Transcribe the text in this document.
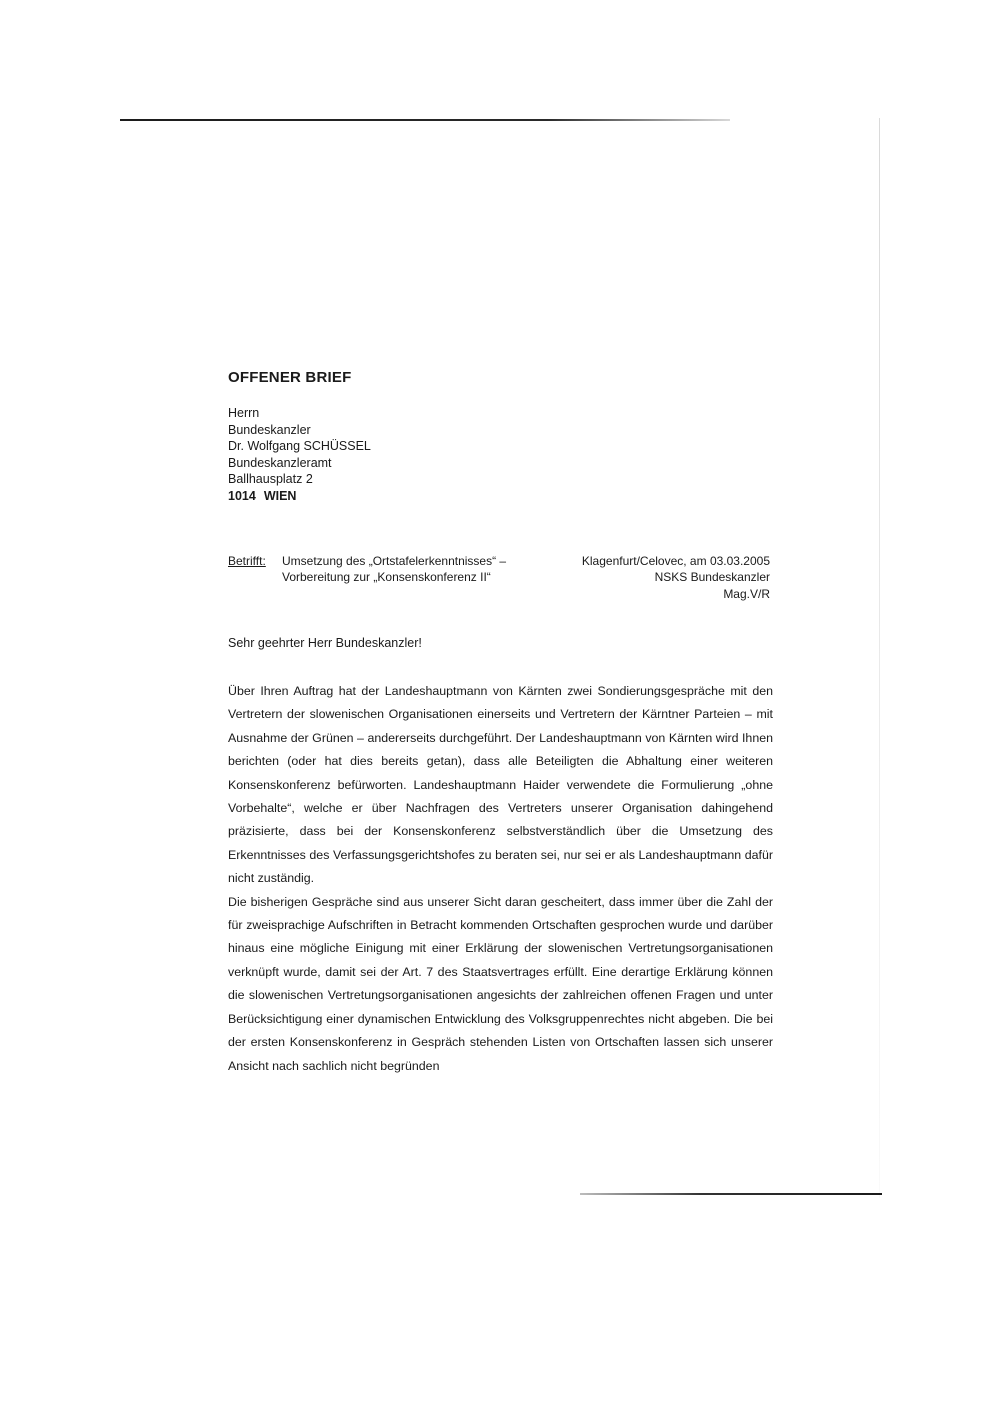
OFFENER BRIEF
Herrn
Bundeskanzler
Dr. Wolfgang SCHÜSSEL
Bundeskanzleramt
Ballhausplatz 2
1014 WIEN
Betrifft:	Umsetzung des „Ortstafelerkenntnisses“ –
Vorbereitung zur „Konsenskonferenz II“
Klagenfurt/Celovec, am 03.03.2005
NSKS Bundeskanzler
Mag.V/R
Sehr geehrter Herr Bundeskanzler!

Über Ihren Auftrag hat der Landeshauptmann von Kärnten zwei Sondierungsgespräche mit den Vertretern der slowenischen Organisationen einerseits und Vertretern der Kärntner Parteien – mit Ausnahme der Grünen – andererseits durchgeführt. Der Landeshauptmann von Kärnten wird Ihnen berichten (oder hat dies bereits getan), dass alle Beteiligten die Abhaltung einer weiteren Konsenskonferenz befürworten. Landeshauptmann Haider verwendete die Formulierung „ohne Vorbehalte“, welche er über Nachfragen des Vertreters unserer Organisation dahingehend präzisierte, dass bei der Konsenskonferenz selbstverständlich über die Umsetzung des Erkenntnisses des Verfassungsgerichtshofes zu beraten sei, nur sei er als Landeshauptmann dafür nicht zuständig.

Die bisherigen Gespräche sind aus unserer Sicht daran gescheitert, dass immer über die Zahl der für zweisprachige Aufschriften in Betracht kommenden Ortschaften gesprochen wurde und darüber hinaus eine mögliche Einigung mit einer Erklärung der slowenischen Vertretungsorganisationen verknüpft wurde, damit sei der Art. 7 des Staatsvertrages erfüllt. Eine derartige Erklärung können die slowenischen Vertretungsorganisationen angesichts der zahlreichen offenen Fragen und unter Berücksichtigung einer dynamischen Entwicklung des Volksgruppenrechtes nicht abgeben. Die bei der ersten Konsenskonferenz in Gespräch stehenden Listen von Ortschaften lassen sich unserer Ansicht nach sachlich nicht begründen
